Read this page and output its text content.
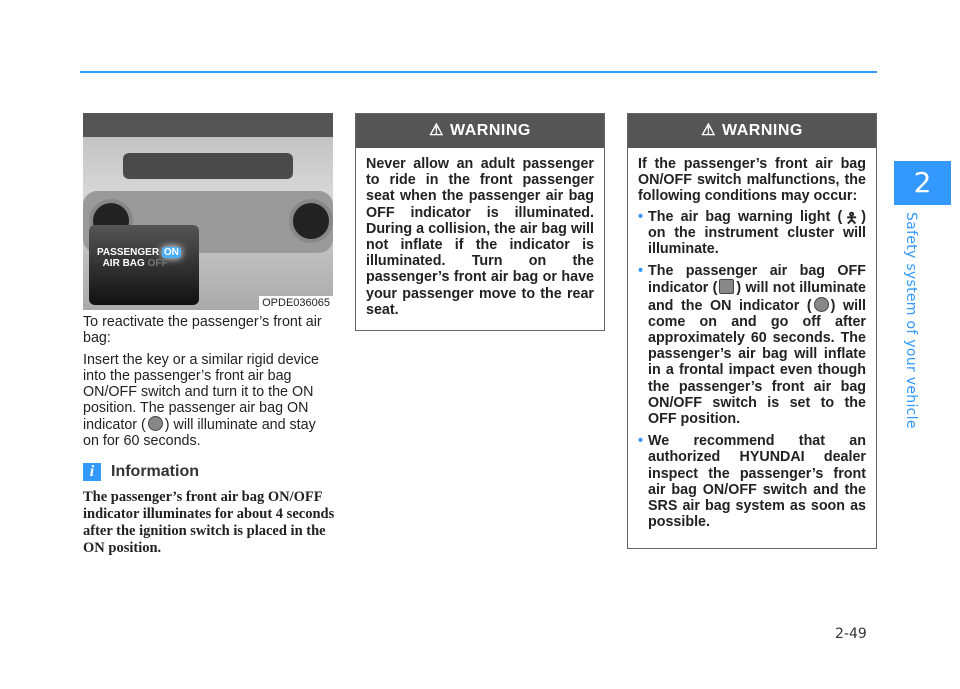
2
Safety system of your vehicle
2-49
PASSENGER ON
AIR BAG OFF
OPDE036065

To reactivate the passenger’s front air bag:

Insert the key or a similar rigid device into the passenger’s front air bag ON/OFF switch and turn it to the ON position. The passenger air bag ON indicator ( ) will illuminate and stay on for 60 seconds.

i	Information
The passenger’s front air bag ON/OFF indicator illuminates for about 4 seconds after the ignition switch is placed in the ON position.
⚠ WARNING
Never allow an adult passenger to ride in the front passenger seat when the passenger air bag OFF indicator is illuminated. During a collision, the air bag will not inflate if the indicator is illuminated. Turn on the passenger’s front air bag or have your passenger move to the rear seat.
⚠ WARNING
If the passenger’s front air bag ON/OFF switch malfunctions, the following conditions may occur:
• The air bag warning light ( 🯅 ) on the instrument cluster will illuminate.
• The passenger air bag OFF indicator ( ) will not illuminate and the ON indicator ( ) will come on and go off after approximately 60 seconds. The passenger’s air bag will inflate in a frontal impact even though the passenger’s front air bag ON/OFF switch is set to the OFF position.
• We recommend that an authorized HYUNDAI dealer inspect the passenger’s front air bag ON/OFF switch and the SRS air bag system as soon as possible.
